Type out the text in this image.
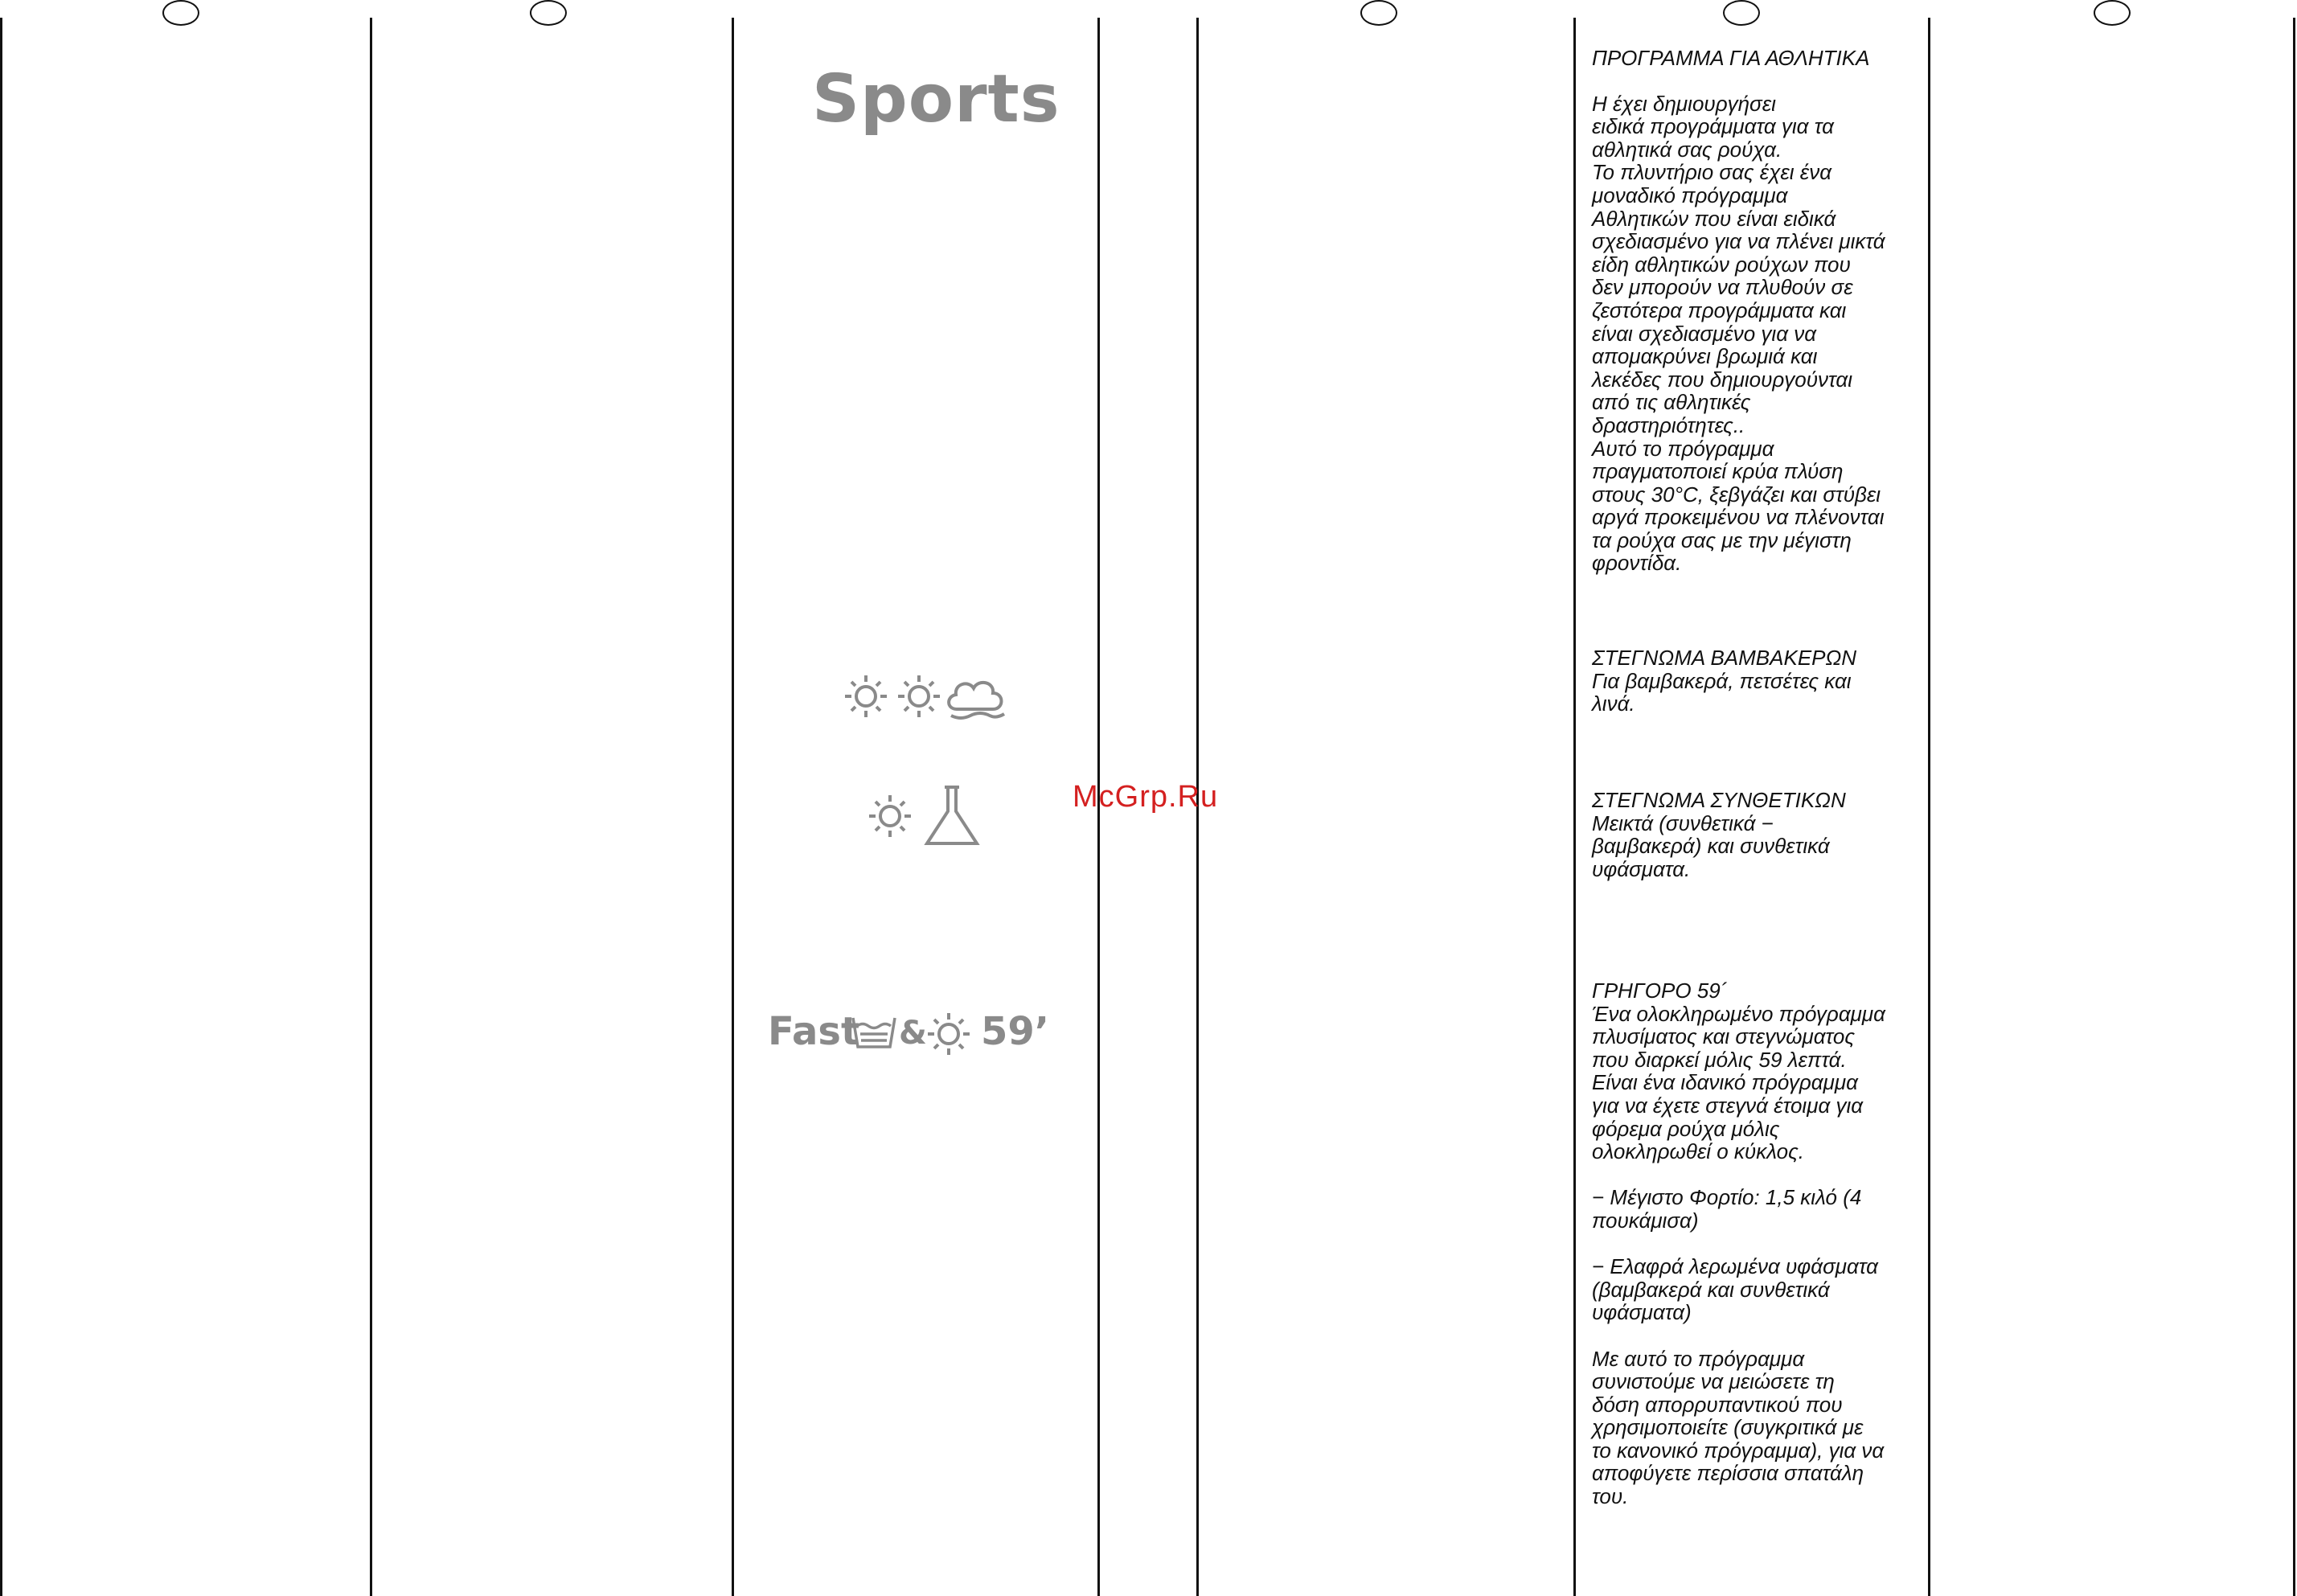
Sports
Fast & 59’
McGrp.Ru
ΠΡΟΓΡΑΜΜΑ ΓΙΑ ΑΘΛΗΤΙΚΑ
Η έχει δημιουργήσει
ειδικά προγράμματα για τα
αθλητικά σας ρούχα.
Το πλυντήριο σας έχει ένα
μοναδικό πρόγραμμα
Αθλητικών που είναι ειδικά
σχεδιασμένο για να πλένει μικτά
είδη αθλητικών ρούχων που
δεν μπορούν να πλυθούν σε
ζεστότερα προγράμματα και
είναι σχεδιασμένο για να
απομακρύνει βρωμιά και
λεκέδες που δημιουργούνται
από τις αθλητικές
δραστηριότητες..
Αυτό το πρόγραμμα
πραγματοποιεί κρύα πλύση
στους 30°C, ξεβγάζει και στύβει
αργά προκειμένου να πλένονται
τα ρούχα σας με την μέγιστη
φροντίδα.
ΣΤΕΓΝΩΜΑ ΒΑΜΒΑΚΕΡΩΝ
Για βαμβακερά, πετσέτες και
λινά.
ΣΤΕΓΝΩΜΑ ΣΥΝΘΕΤΙΚΩΝ
Μεικτά (συνθετικά −
βαμβακερά) και συνθετικά
υφάσματα.
ΓΡΗΓΟΡΟ 59´
Ένα ολοκληρωμένο πρόγραμμα
πλυσίματος και στεγνώματος
που διαρκεί μόλις 59 λεπτά.
Είναι ένα ιδανικό πρόγραμμα
για να έχετε στεγνά έτοιμα για
φόρεμα ρούχα μόλις
ολοκληρωθεί ο κύκλος.

− Μέγιστο Φορτίο: 1,5 κιλό (4
πουκάμισα)

− Ελαφρά λερωμένα υφάσματα
(βαμβακερά και συνθετικά
υφάσματα)

Με αυτό το πρόγραμμα
συνιστούμε να μειώσετε τη
δόση απορρυπαντικού που
χρησιμοποιείτε (συγκριτικά με
το κανονικό πρόγραμμα), για να
αποφύγετε περίσσια σπατάλη
του.
